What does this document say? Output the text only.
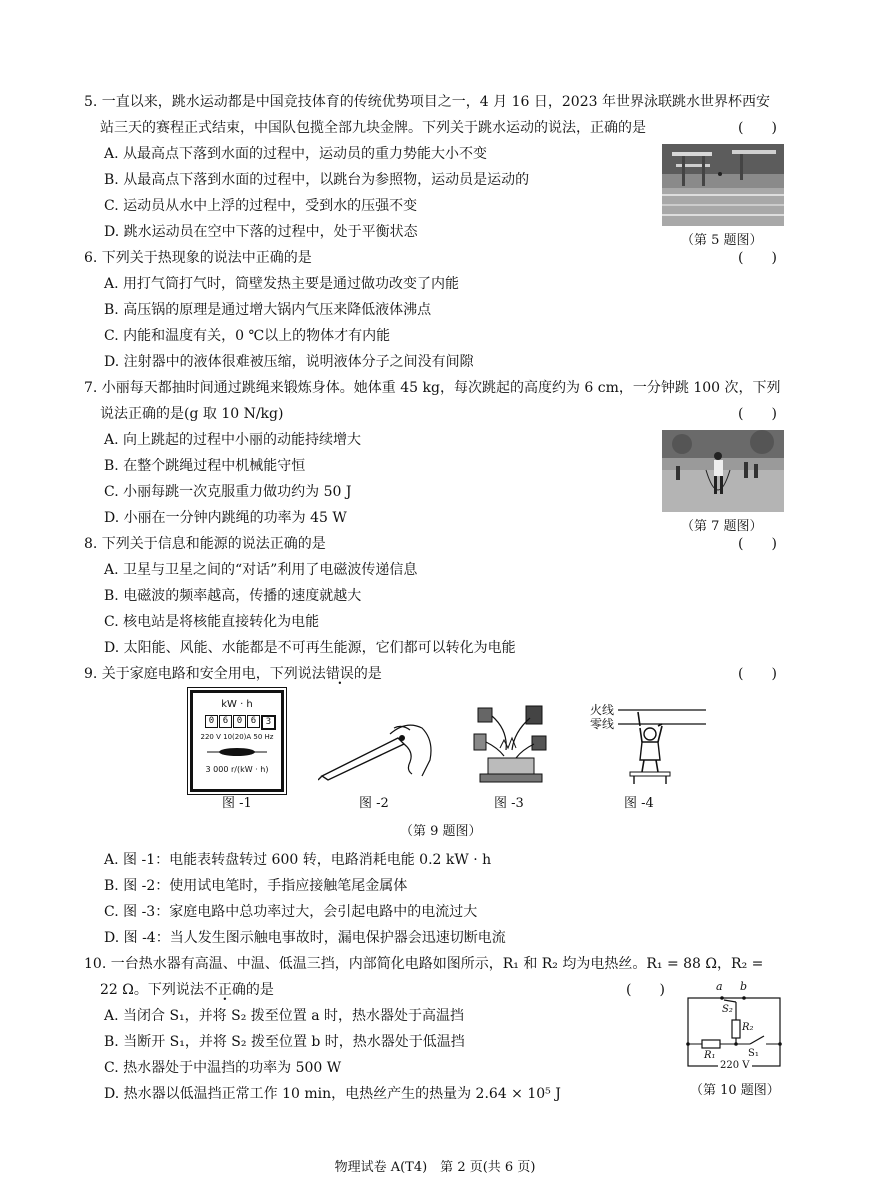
5. 一直以来，跳水运动都是中国竞技体育的传统优势项目之一，4 月 16 日，2023 年世界泳联跳水世界杯西安
站三天的赛程正式结束，中国队包揽全部九块金牌。下列关于跳水运动的说法，正确的是	(　　)
A. 从最高点下落到水面的过程中，运动员的重力势能大小不变
B. 从最高点下落到水面的过程中，以跳台为参照物，运动员是运动的
C. 运动员从水中上浮的过程中，受到水的压强不变
D. 跳水运动员在空中下落的过程中，处于平衡状态
（第 5 题图）
6. 下列关于热现象的说法中正确的是	(　　)
A. 用打气筒打气时，筒壁发热主要是通过做功改变了内能
B. 高压锅的原理是通过增大锅内气压来降低液体沸点
C. 内能和温度有关，0 ℃以上的物体才有内能
D. 注射器中的液体很难被压缩，说明液体分子之间没有间隙
7. 小丽每天都抽时间通过跳绳来锻炼身体。她体重 45 kg，每次跳起的高度约为 6 cm，一分钟跳 100 次，下列
说法正确的是(g 取 10 N/kg)	(　　)
A. 向上跳起的过程中小丽的动能持续增大
B. 在整个跳绳过程中机械能守恒
C. 小丽每跳一次克服重力做功约为 50 J
D. 小丽在一分钟内跳绳的功率为 45 W
（第 7 题图）
8. 下列关于信息和能源的说法正确的是	(　　)
A. 卫星与卫星之间的“对话”利用了电磁波传递信息
B. 电磁波的频率越高，传播的速度就越大
C. 核电站是将核能直接转化为电能
D. 太阳能、风能、水能都是不可再生能源，它们都可以转化为电能
9. 关于家庭电路和安全用电，下列说法错误的是	(　　)
kW · h
0 6 0 6	3
220 V 10(20)A 50 Hz
3 000 r/(kW · h)
图 -1	图 -2	图 -3
火线
零线
图 -4
（第 9 题图）
A. 图 -1：电能表转盘转过 600 转，电路消耗电能 0.2 kW · h
B. 图 -2：使用试电笔时，手指应接触笔尾金属体
C. 图 -3：家庭电路中总功率过大，会引起电路中的电流过大
D. 图 -4：当人发生图示触电事故时，漏电保护器会迅速切断电流
10. 一台热水器有高温、中温、低温三挡，内部简化电路如图所示，R₁ 和 R₂ 均为电热丝。R₁ = 88 Ω，R₂ =
22 Ω。下列说法不正确的是	(　　)
A. 当闭合 S₁，并将 S₂ 拨至位置 a 时，热水器处于高温挡
B. 当断开 S₁，并将 S₂ 拨至位置 b 时，热水器处于低温挡
C. 热水器处于中温挡的功率为 500 W
D. 热水器以低温挡正常工作 10 min，电热丝产生的热量为 2.64 × 10⁵ J
a b
S₂
R₂
R₁	S₁
220 V
（第 10 题图）
物理试卷 A(T4)　第 2 页(共 6 页)
